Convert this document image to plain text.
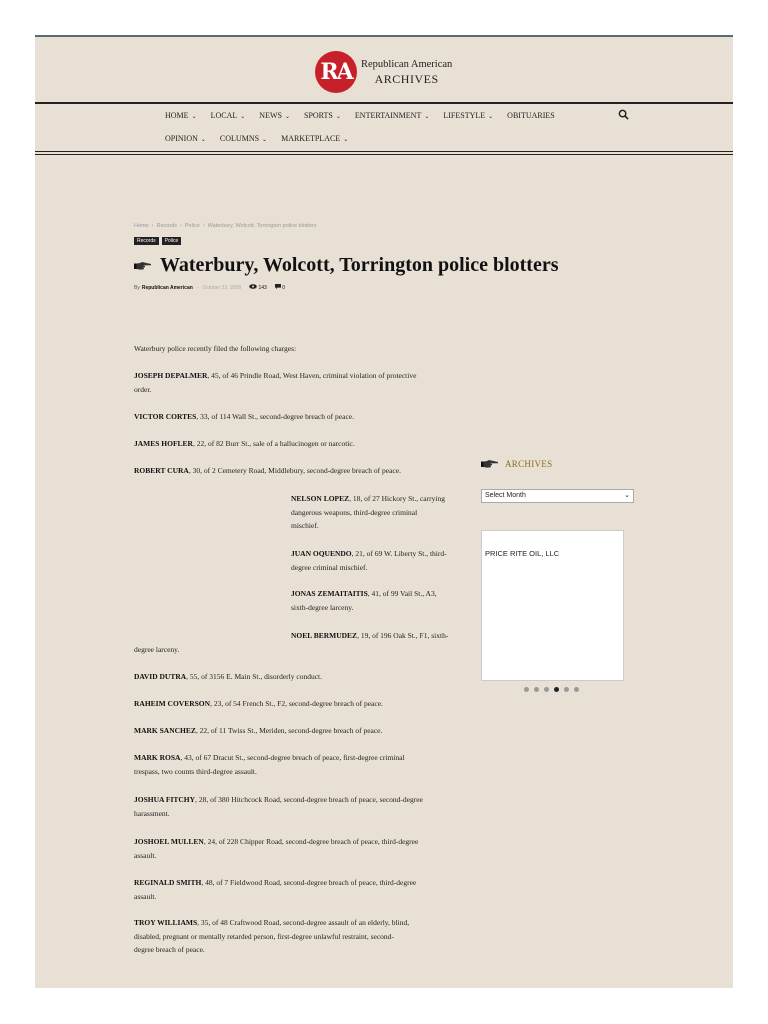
RA Republican American
ARCHIVES
HOME ⌄ LOCAL ⌄ NEWS ⌄ SPORTS ⌄ ENTERTAINMENT ⌄ LIFESTYLE ⌄ OBITUARIES
OPINION ⌄ COLUMNS ⌄ MARKETPLACE ⌄
Home › Records › Police › Waterbury, Wolcott, Torrington police blotters
Records	Police
Waterbury, Wolcott, Torrington police blotters
By Republican American - October 23, 2008	143	0
Waterbury police recently filed the following charges:
JOSEPH DEPALMER, 45, of 46 Prindle Road, West Haven, criminal violation of protective
order.
VICTOR CORTES, 33, of 114 Wall St., second-degree breach of peace.
JAMES HOFLER, 22, of 82 Burr St., sale of a hallucinogen or narcotic.
ROBERT CURA, 30, of 2 Cemetery Road, Middlebury, second-degree breach of peace.
NELSON LOPEZ, 18, of 27 Hickory St., carrying
dangerous weapons, third-degree criminal
mischief.
JUAN OQUENDO, 21, of 69 W. Liberty St., third-
degree criminal mischief.
JONAS ZEMAITAITIS, 41, of 99 Vail St., A3,
sixth-degree larceny.
NOEL BERMUDEZ, 19, of 196 Oak St., F1, sixth-
degree larceny.
DAVID DUTRA, 55, of 3156 E. Main St., disorderly conduct.
RAHEIM COVERSON, 23, of 54 French St., F2, second-degree breach of peace.
MARK SANCHEZ, 22, of 11 Twiss St., Meriden, second-degree breach of peace.
MARK ROSA, 43, of 67 Dracut St., second-degree breach of peace, first-degree criminal
trespass, two counts third-degree assault.
JOSHUA FITCHY, 28, of 380 Hitchcock Road, second-degree breach of peace, second-degree
harassment.
JOSHOEL MULLEN, 24, of 228 Chipper Road, second-degree breach of peace, third-degree
assault.
REGINALD SMITH, 48, of 7 Fieldwood Road, second-degree breach of peace, third-degree
assault.
TROY WILLIAMS, 35, of 48 Craftwood Road, second-degree assault of an elderly, blind,
disabled, pregnant or mentally retarded person, first-degree unlawful restraint, second-
degree breach of peace.
ARCHIVES
Select Month	⌄
PRICE RITE OIL, LLC
